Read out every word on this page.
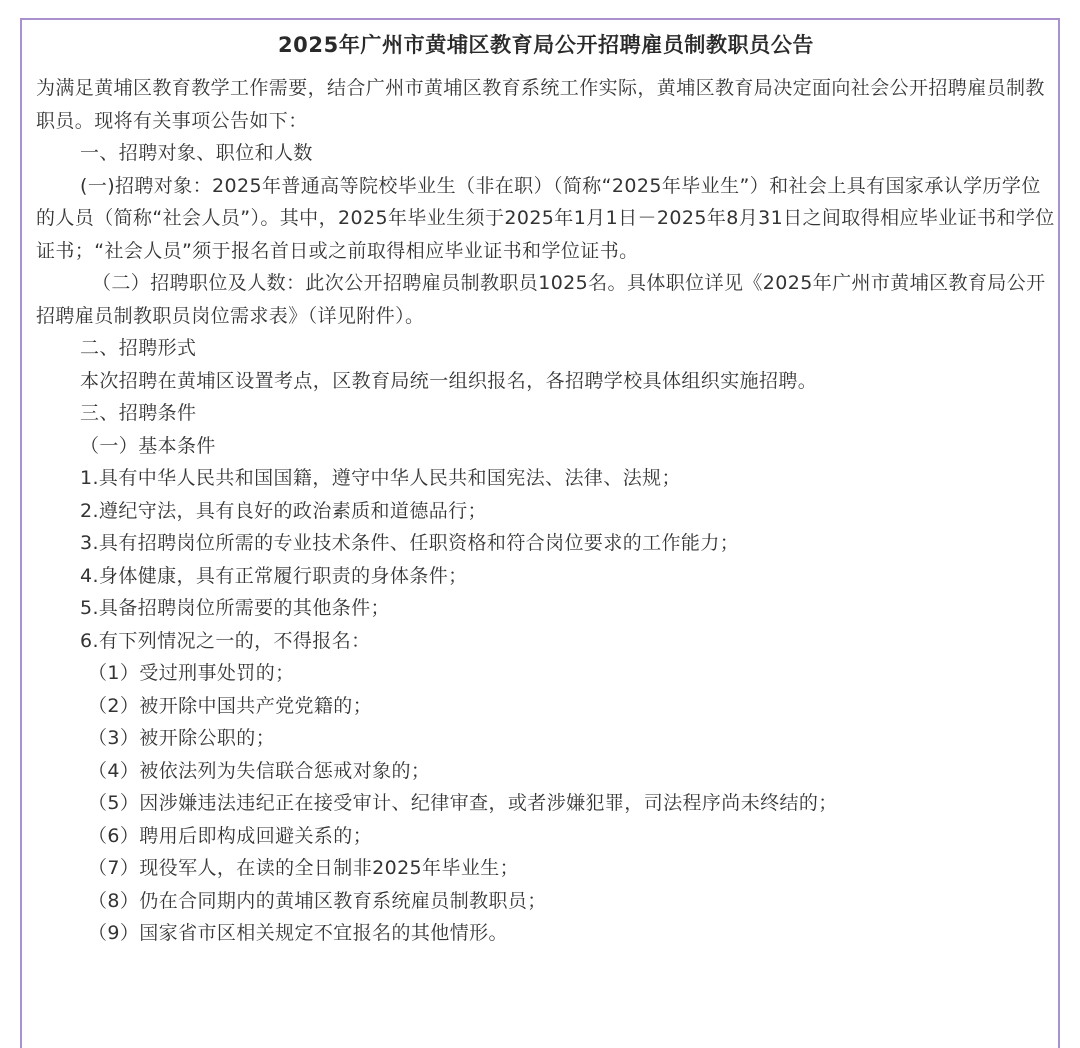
2025年广州市黄埔区教育局公开招聘雇员制教职员公告

为满足黄埔区教育教学工作需要，结合广州市黄埔区教育系统工作实际，黄埔区教育局决定面向社会公开招聘雇员制教职员。现将有关事项公告如下：

一、招聘对象、职位和人数

(一)招聘对象：2025年普通高等院校毕业生（非在职）（简称“2025年毕业生”）和社会上具有国家承认学历学位的人员（简称“社会人员”）。其中，2025年毕业生须于2025年1月1日－2025年8月31日之间取得相应毕业证书和学位证书；“社会人员”须于报名首日或之前取得相应毕业证书和学位证书。

（二）招聘职位及人数：此次公开招聘雇员制教职员1025名。具体职位详见《2025年广州市黄埔区教育局公开招聘雇员制教职员岗位需求表》（详见附件）。

二、招聘形式

本次招聘在黄埔区设置考点，区教育局统一组织报名，各招聘学校具体组织实施招聘。

三、招聘条件

（一）基本条件

1.具有中华人民共和国国籍，遵守中华人民共和国宪法、法律、法规；

2.遵纪守法，具有良好的政治素质和道德品行；

3.具有招聘岗位所需的专业技术条件、任职资格和符合岗位要求的工作能力；

4.身体健康，具有正常履行职责的身体条件；

5.具备招聘岗位所需要的其他条件；

6.有下列情况之一的，不得报名：

（1）受过刑事处罚的；

（2）被开除中国共产党党籍的；

（3）被开除公职的；

（4）被依法列为失信联合惩戒对象的；

（5）因涉嫌违法违纪正在接受审计、纪律审查，或者涉嫌犯罪，司法程序尚未终结的；

（6）聘用后即构成回避关系的；

（7）现役军人，在读的全日制非2025年毕业生；

（8）仍在合同期内的黄埔区教育系统雇员制教职员；

（9）国家省市区相关规定不宜报名的其他情形。
